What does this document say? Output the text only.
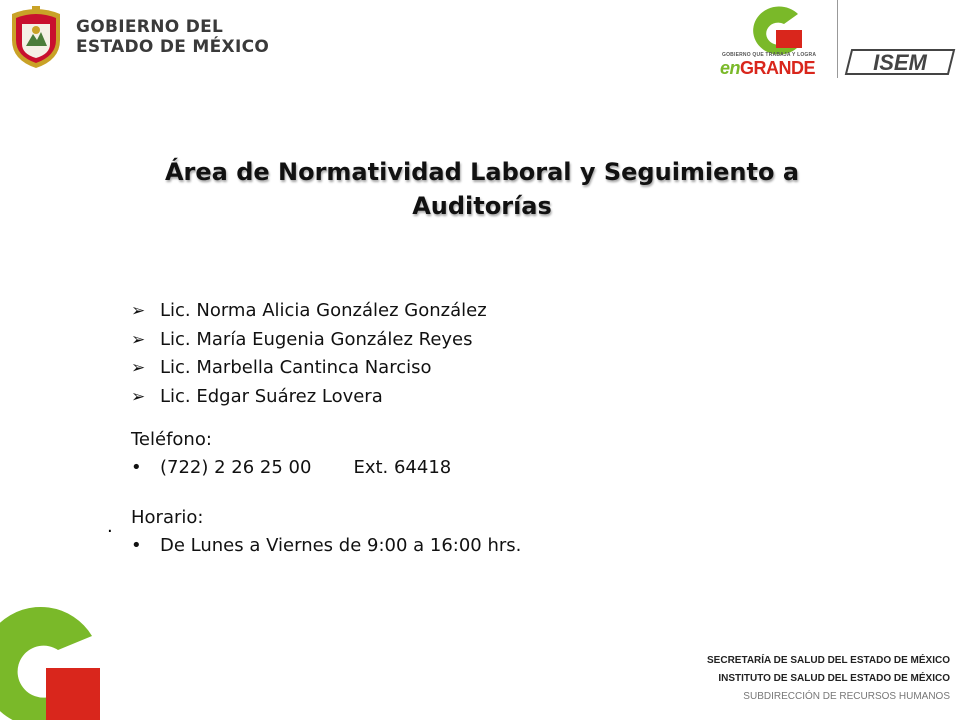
GOBIERNO DEL
ESTADO DE MÉXICO	GOBIERNO QUE TRABAJA Y LOGRA
enGRANDE	ISEM
Área de Normatividad Laboral y Seguimiento a
Auditorías
➢ Lic. Norma Alicia González González
➢ Lic. María Eugenia González Reyes
➢ Lic. Marbella Cantinca Narciso
➢ Lic. Edgar Suárez Lovera
Teléfono:
•	(722) 2 26 25 00 Ext. 64418
Horario:
•	De Lunes a Viernes de 9:00 a 16:00 hrs.
.
SECRETARÍA DE SALUD DEL ESTADO DE MÉXICO
INSTITUTO DE SALUD DEL ESTADO DE MÉXICO
SUBDIRECCIÓN DE RECURSOS HUMANOS
